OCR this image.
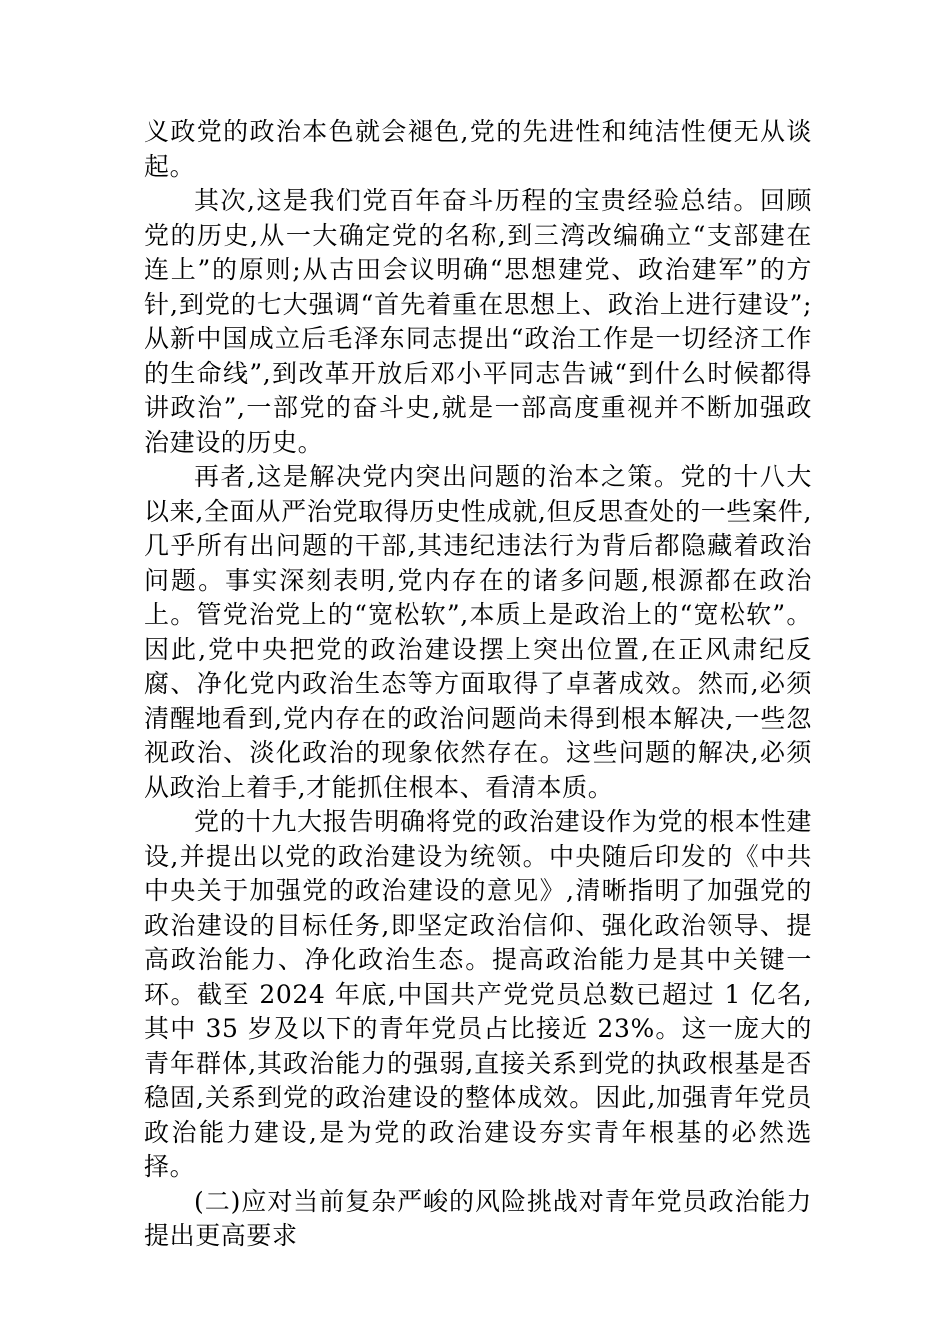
义政党的政治本色就会褪色,党的先进性和纯洁性便无从谈起。

其次,这是我们党百年奋斗历程的宝贵经验总结。回顾党的历史,从一大确定党的名称,到三湾改编确立“支部建在连上”的原则;从古田会议明确“思想建党、政治建军”的方针,到党的七大强调“首先着重在思想上、政治上进行建设”;从新中国成立后毛泽东同志提出“政治工作是一切经济工作的生命线”,到改革开放后邓小平同志告诫“到什么时候都得讲政治”,一部党的奋斗史,就是一部高度重视并不断加强政治建设的历史。

再者,这是解决党内突出问题的治本之策。党的十八大以来,全面从严治党取得历史性成就,但反思查处的一些案件,几乎所有出问题的干部,其违纪违法行为背后都隐藏着政治问题。事实深刻表明,党内存在的诸多问题,根源都在政治上。管党治党上的“宽松软”,本质上是政治上的“宽松软”。因此,党中央把党的政治建设摆上突出位置,在正风肃纪反腐、净化党内政治生态等方面取得了卓著成效。然而,必须清醒地看到,党内存在的政治问题尚未得到根本解决,一些忽视政治、淡化政治的现象依然存在。这些问题的解决,必须从政治上着手,才能抓住根本、看清本质。

党的十九大报告明确将党的政治建设作为党的根本性建设,并提出以党的政治建设为统领。中央随后印发的《中共中央关于加强党的政治建设的意见》,清晰指明了加强党的政治建设的目标任务,即坚定政治信仰、强化政治领导、提高政治能力、净化政治生态。提高政治能力是其中关键一环。截至 2024 年底,中国共产党党员总数已超过 1 亿名,其中 35 岁及以下的青年党员占比接近 23%。这一庞大的青年群体,其政治能力的强弱,直接关系到党的执政根基是否稳固,关系到党的政治建设的整体成效。因此,加强青年党员政治能力建设,是为党的政治建设夯实青年根基的必然选择。

(二)应对当前复杂严峻的风险挑战对青年党员政治能力提出更高要求
